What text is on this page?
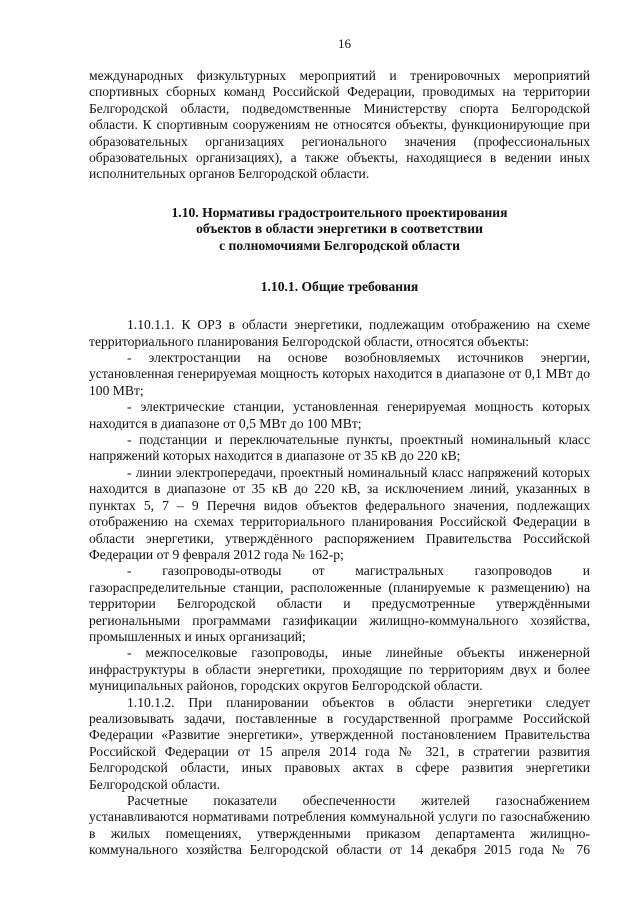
16

международных физкультурных мероприятий и тренировочных мероприятий спортивных сборных команд Российской Федерации, проводимых на территории Белгородской области, подведомственные Министерству спорта Белгородской области. К спортивным сооружениям не относятся объекты, функционирующие при образовательных организациях регионального значения (профессиональных образовательных организациях), а также объекты, находящиеся в ведении иных исполнительных органов Белгородской области.

1.10. Нормативы градостроительного проектирования
объектов в области энергетики в соответствии
с полномочиями Белгородской области
1.10.1. Общие требования

1.10.1.1. К ОРЗ в области энергетики, подлежащим отображению на схеме территориального планирования Белгородской области, относятся объекты:

- электростанции на основе возобновляемых источников энергии, установленная генерируемая мощность которых находится в диапазоне от 0,1 МВт до 100 МВт;

- электрические станции, установленная генерируемая мощность которых находится в диапазоне от 0,5 МВт до 100 МВт;

- подстанции и переключательные пункты, проектный номинальный класс напряжений которых находится в диапазоне от 35 кВ до 220 кВ;

- линии электропередачи, проектный номинальный класс напряжений которых находится в диапазоне от 35 кВ до 220 кВ, за исключением линий, указанных в пунктах 5, 7 – 9 Перечня видов объектов федерального значения, подлежащих отображению на схемах территориального планирования Российской Федерации в области энергетики, утверждённого распоряжением Правительства Российской Федерации от 9 февраля 2012 года № 162-р;

- газопроводы-отводы от магистральных газопроводов и газораспределительные станции, расположенные (планируемые к размещению) на территории Белгородской области и предусмотренные утверждёнными региональными программами газификации жилищно-коммунального хозяйства, промышленных и иных организаций;

- межпоселковые газопроводы, иные линейные объекты инженерной инфраструктуры в области энергетики, проходящие по территориям двух и более муниципальных районов, городских округов Белгородской области.

1.10.1.2. При планировании объектов в области энергетики следует реализовывать задачи, поставленные в государственной программе Российской Федерации «Развитие энергетики», утвержденной постановлением Правительства Российской Федерации от 15 апреля 2014 года № 321, в стратегии развития Белгородской области, иных правовых актах в сфере развития энергетики Белгородской области.

Расчетные показатели обеспеченности жителей газоснабжением устанавливаются нормативами потребления коммунальной услуги по газоснабжению в жилых помещениях, утвержденными приказом департамента жилищно-коммунального хозяйства Белгородской области от 14 декабря 2015 года № 76
